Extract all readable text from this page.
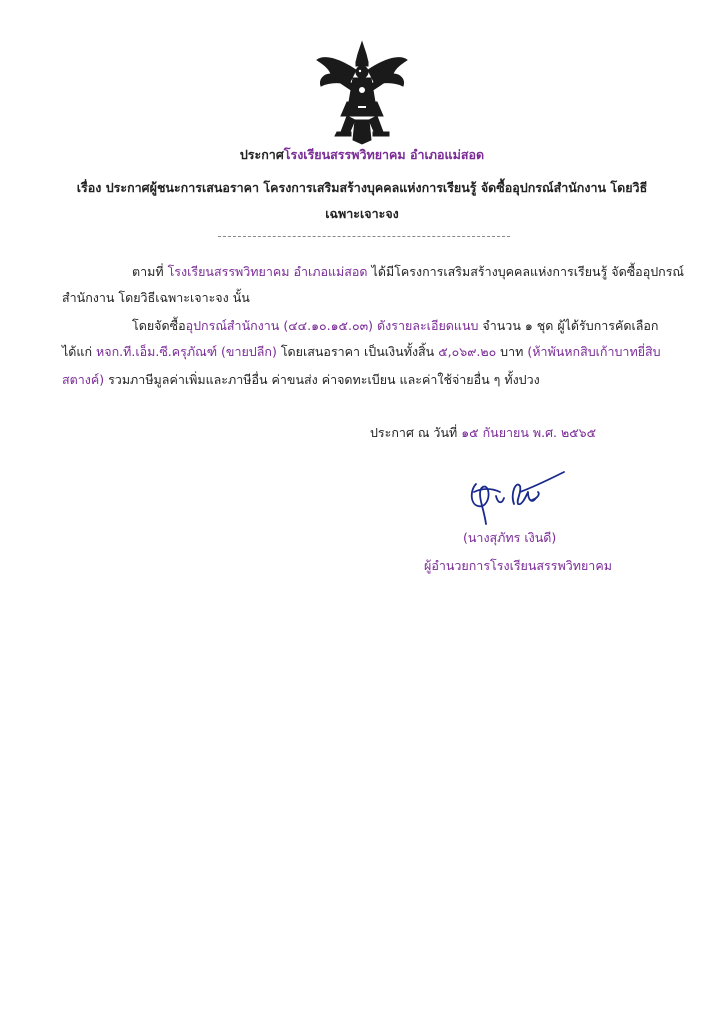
ประกาศโรงเรียนสรรพวิทยาคม อำเภอแม่สอด
เรื่อง ประกาศผู้ชนะการเสนอราคา โครงการเสริมสร้างบุคคลแห่งการเรียนรู้ จัดซื้ออุปกรณ์สำนักงาน โดยวิธี
เฉพาะเจาะจง
ตามที่ โรงเรียนสรรพวิทยาคม อำเภอแม่สอด ได้มีโครงการเสริมสร้างบุคคลแห่งการเรียนรู้ จัดซื้ออุปกรณ์
สำนักงาน โดยวิธีเฉพาะเจาะจง นั้น
โดยจัดซื้ออุปกรณ์สำนักงาน (๔๔.๑๐.๑๕.๐๓) ดังรายละเอียดแนบ จำนวน ๑ ชุด ผู้ได้รับการคัดเลือก
ได้แก่ หจก.ที.เอ็ม.ซี.ครุภัณฑ์ (ขายปลีก) โดยเสนอราคา เป็นเงินทั้งสิ้น ๕,๐๖๙.๒๐ บาท (ห้าพันหกสิบเก้าบาทยี่สิบ
สตางค์) รวมภาษีมูลค่าเพิ่มและภาษีอื่น ค่าขนส่ง ค่าจดทะเบียน และค่าใช้จ่ายอื่น ๆ ทั้งปวง
ประกาศ ณ วันที่ ๑๕ กันยายน พ.ศ. ๒๕๖๕
(นางสุภัทร เงินดี)
ผู้อำนวยการโรงเรียนสรรพวิทยาคม
